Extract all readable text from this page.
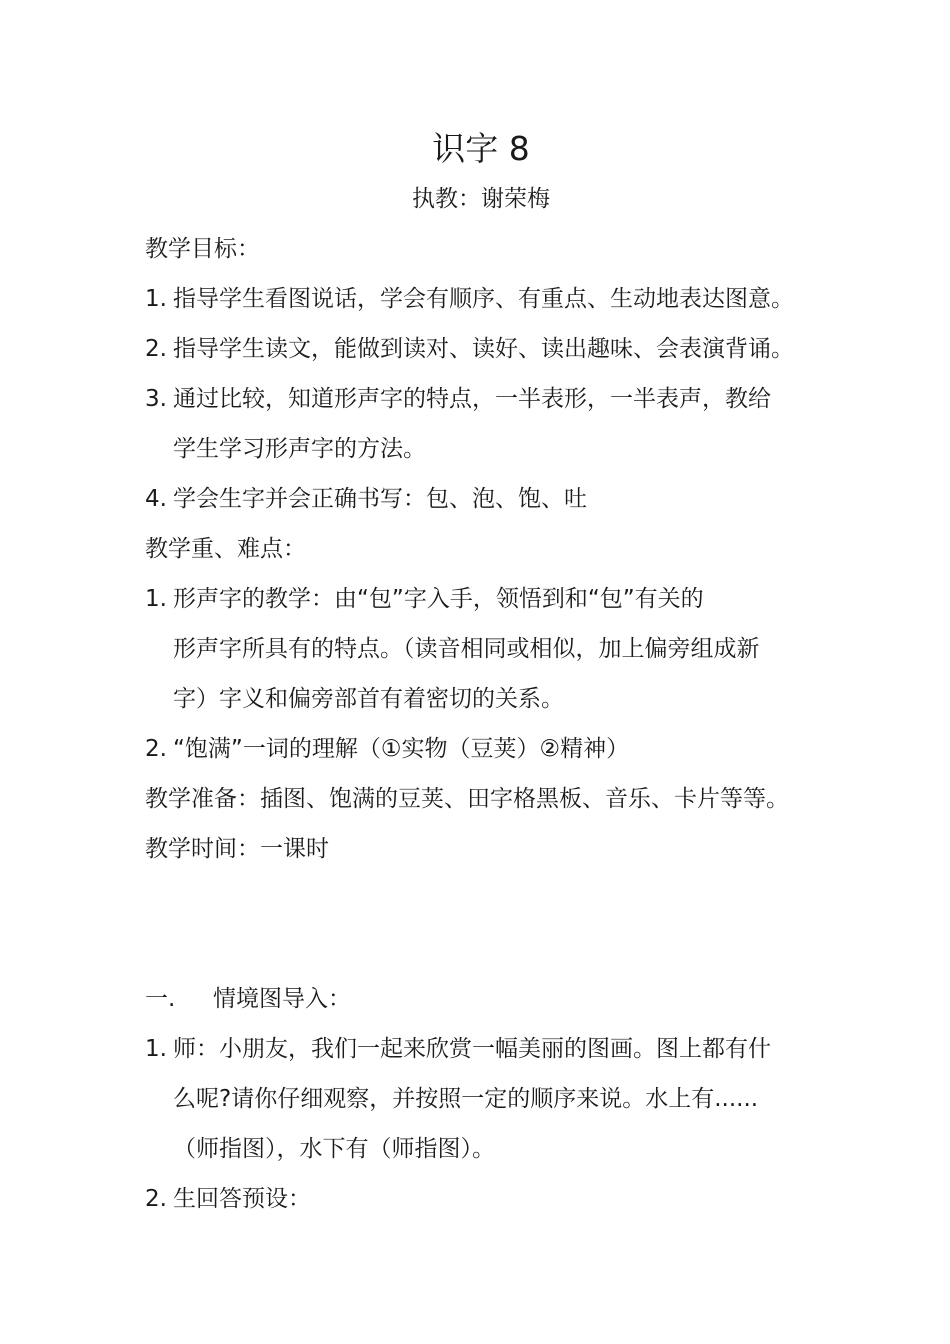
识字 8
执教：谢荣梅
教学目标：
1. 指导学生看图说话，学会有顺序、有重点、生动地表达图意。
2. 指导学生读文，能做到读对、读好、读出趣味、会表演背诵。
3. 通过比较，知道形声字的特点，一半表形，一半表声，教给
学生学习形声字的方法。
4. 学会生字并会正确书写：包、泡、饱、吐
教学重、难点：
1. 形声字的教学：由“包”字入手，领悟到和“包”有关的
形声字所具有的特点。（读音相同或相似，加上偏旁组成新
字）字义和偏旁部首有着密切的关系。
2. “饱满”一词的理解（①实物（豆荚）②精神）
教学准备：插图、饱满的豆荚、田字格黑板、音乐、卡片等等。
教学时间：一课时
一. 情境图导入：
1. 师：小朋友，我们一起来欣赏一幅美丽的图画。图上都有什
么呢?请你仔细观察，并按照一定的顺序来说。水上有......
（师指图），水下有（师指图）。
2. 生回答预设：
